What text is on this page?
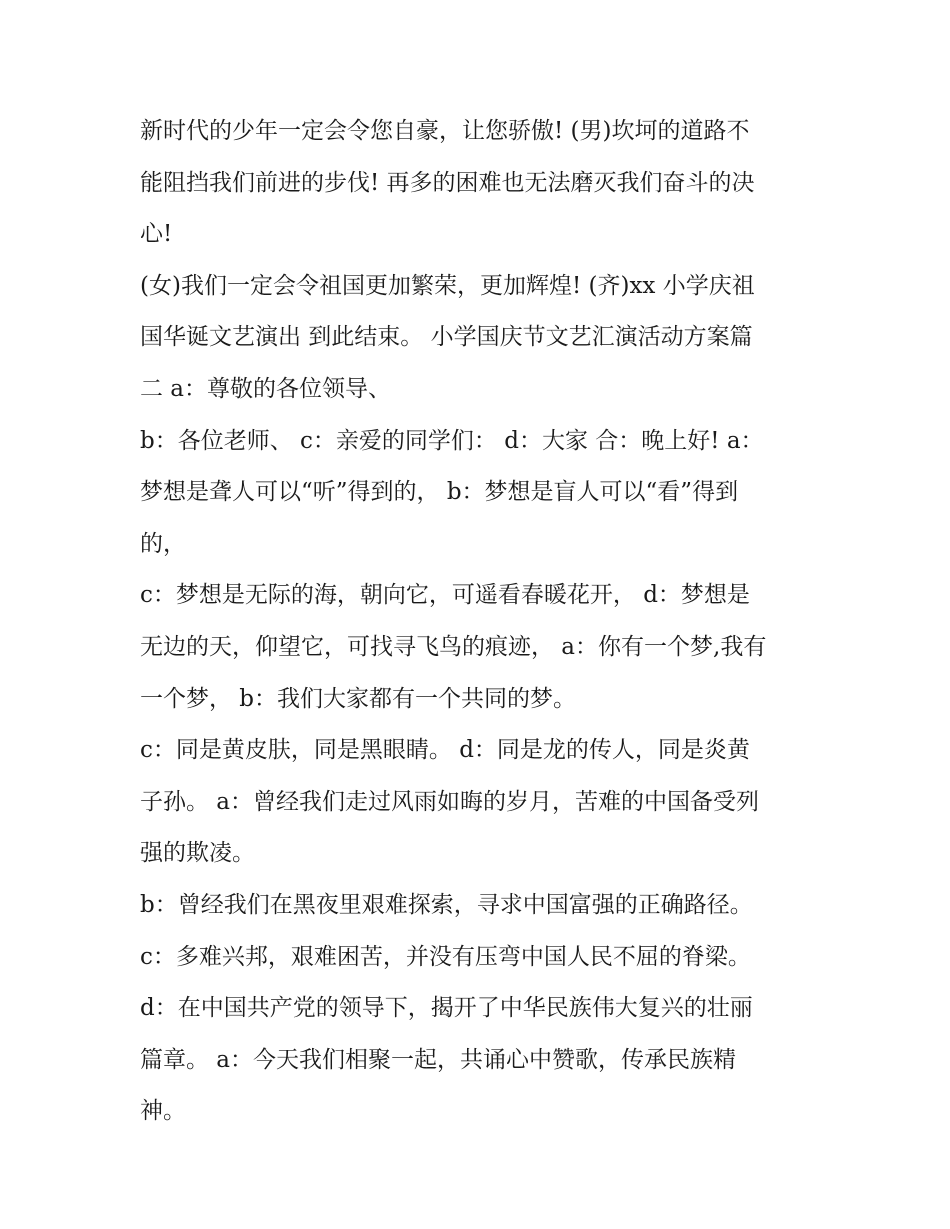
新时代的少年一定会令您自豪，让您骄傲! (男)坎坷的道路不
能阻挡我们前进的步伐! 再多的困难也无法磨灭我们奋斗的决
心!
(女)我们一定会令祖国更加繁荣，更加辉煌! (齐)xx 小学庆祖
国华诞文艺演出 到此结束。 小学国庆节文艺汇演活动方案篇
二 a：尊敬的各位领导、
b：各位老师、 c：亲爱的同学们： d：大家 合：晚上好! a：
梦想是聋人可以“听”得到的， b：梦想是盲人可以“看”得到
的，
c：梦想是无际的海，朝向它，可遥看春暖花开， d：梦想是
无边的天，仰望它，可找寻飞鸟的痕迹， a：你有一个梦,我有
一个梦， b：我们大家都有一个共同的梦。
c：同是黄皮肤，同是黑眼睛。 d：同是龙的传人，同是炎黄
子孙。 a：曾经我们走过风雨如晦的岁月，苦难的中国备受列
强的欺凌。
b：曾经我们在黑夜里艰难探索，寻求中国富强的正确路径。
c：多难兴邦，艰难困苦，并没有压弯中国人民不屈的脊梁。
d：在中国共产党的领导下，揭开了中华民族伟大复兴的壮丽
篇章。 a：今天我们相聚一起，共诵心中赞歌，传承民族精
神。
